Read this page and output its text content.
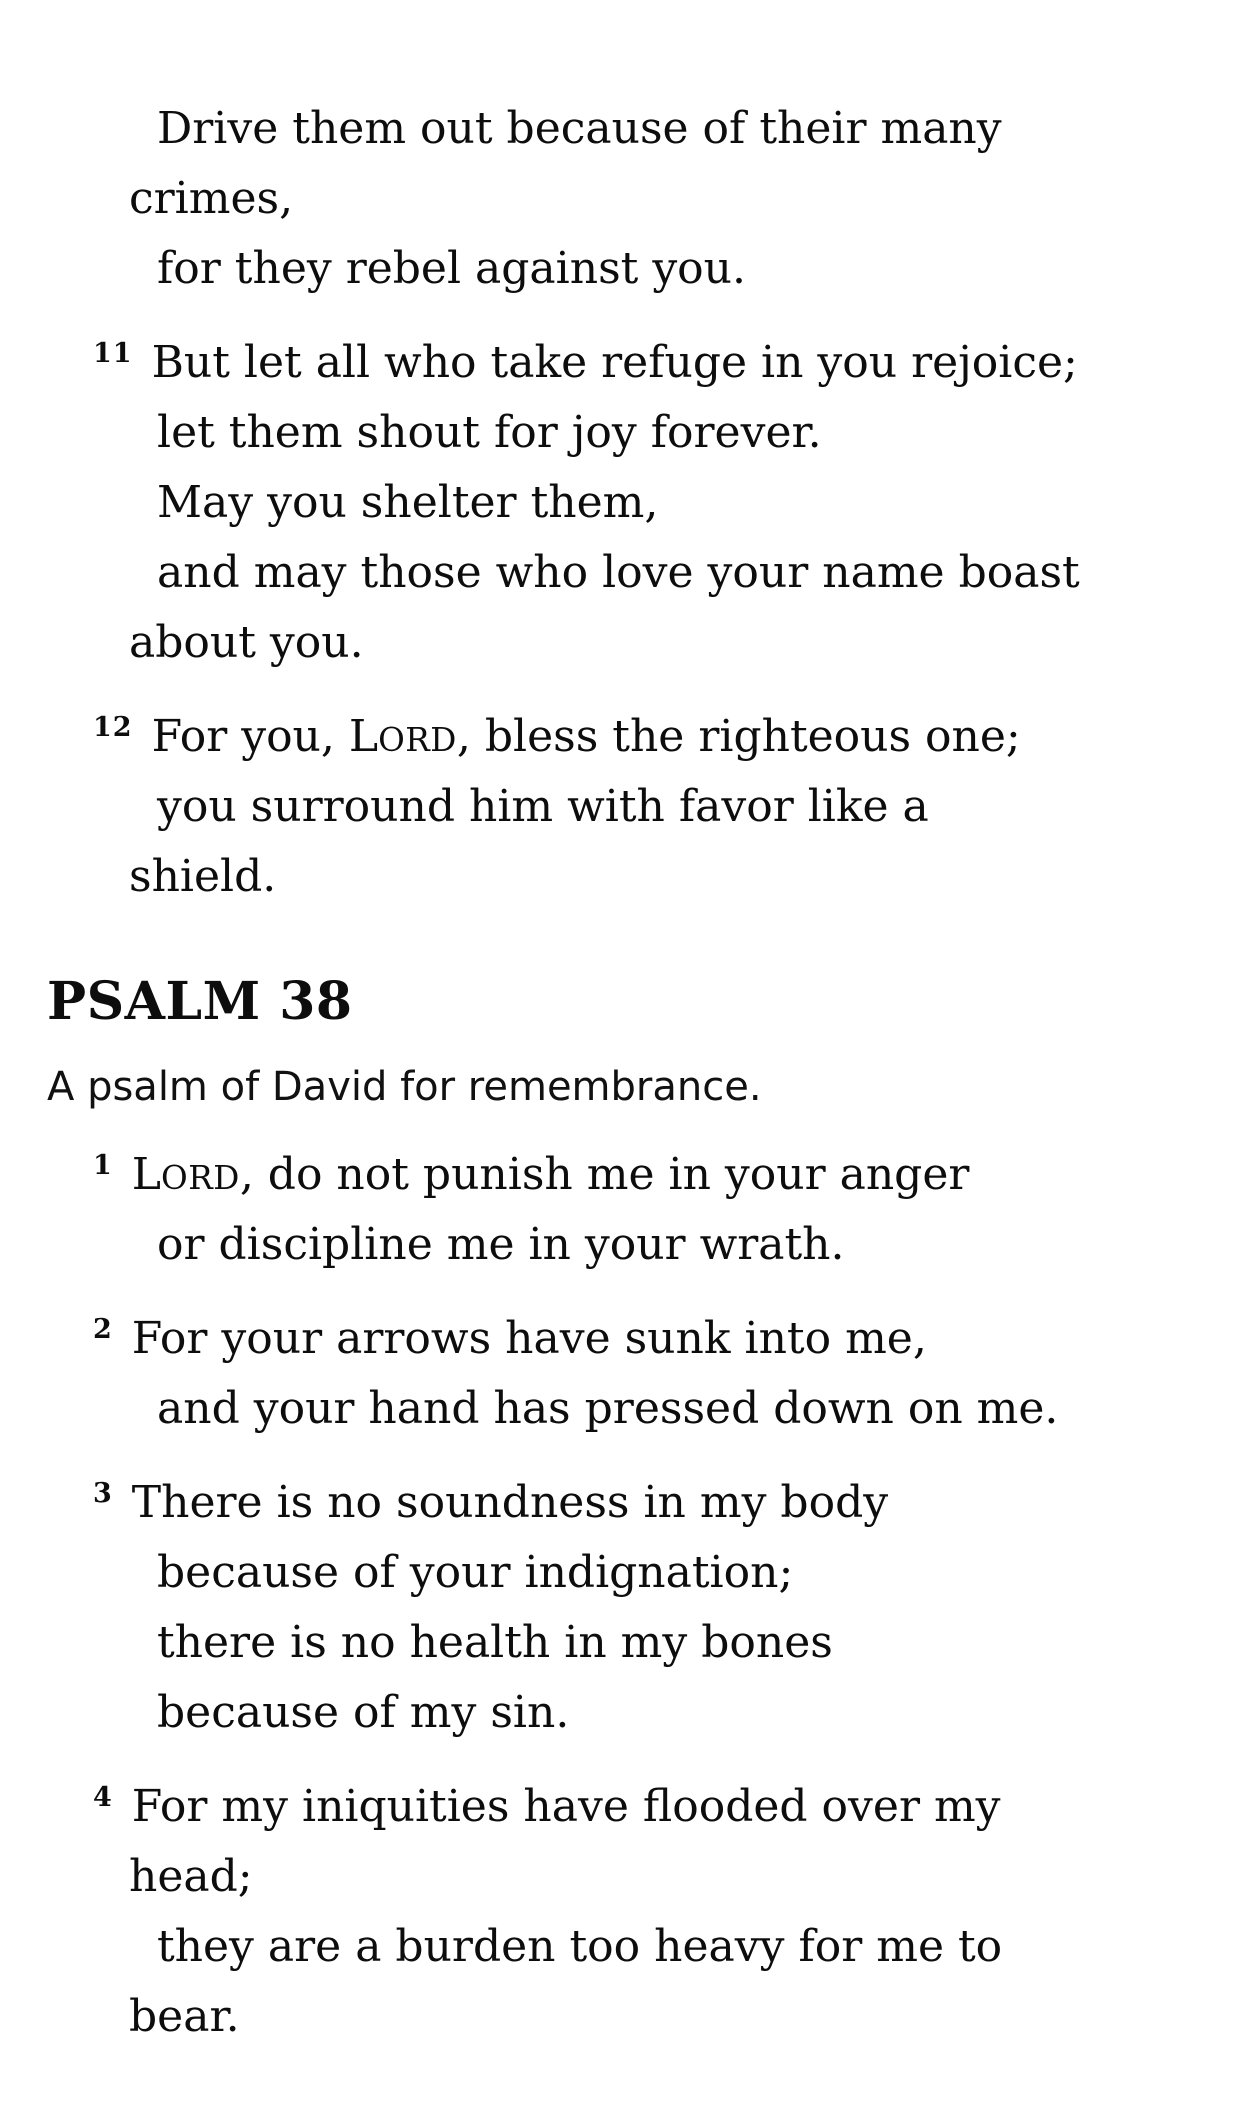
Drive them out because of their many
crimes,
for they rebel against you.
11 But let all who take refuge in you rejoice;
let them shout for joy forever.
May you shelter them,
and may those who love your name boast
about you.
12 For you, LORD, bless the righteous one;
you surround him with favor like a
shield.
PSALM 38
A psalm of David for remembrance.
1 LORD, do not punish me in your anger
or discipline me in your wrath.
2 For your arrows have sunk into me,
and your hand has pressed down on me.
3 There is no soundness in my body
because of your indignation;
there is no health in my bones
because of my sin.
4 For my iniquities have flooded over my
head;
they are a burden too heavy for me to
bear.
